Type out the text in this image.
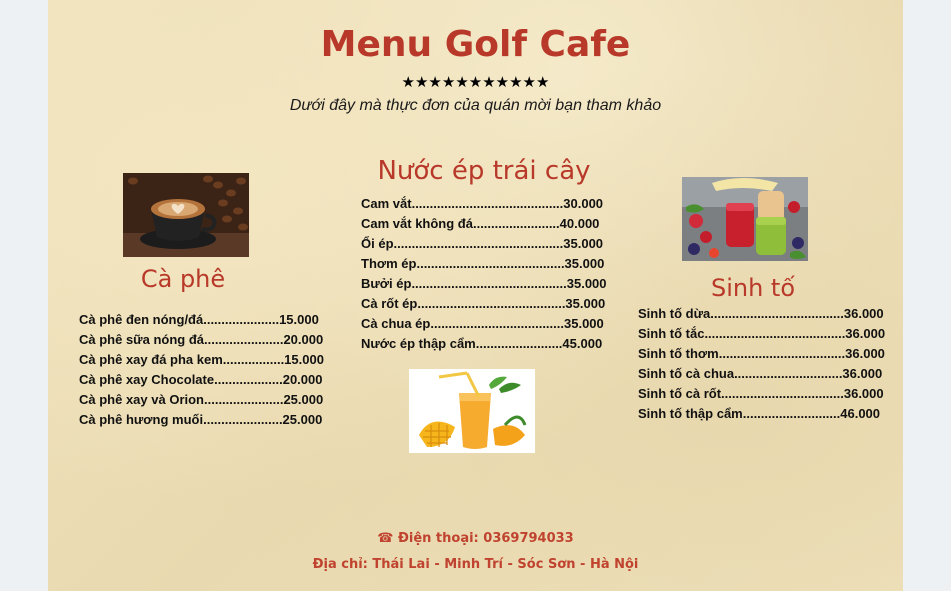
Menu Golf Cafe
★★★★★★★★★★★
Dưới đây mà thực đơn của quán mời bạn tham khảo
Cà phê
Cà phê đen nóng/đá.....................15.000
Cà phê sữa nóng đá......................20.000
Cà phê xay đá pha kem.................15.000
Cà phê xay Chocolate...................20.000
Cà phê xay và Orion......................25.000
Cà phê hương muối......................25.000
Nước ép trái cây
Cam vắt..........................................30.000
Cam vắt không đá........................40.000
Ổi ép...............................................35.000
Thơm ép.........................................35.000
Bưởi ép...........................................35.000
Cà rốt ép.........................................35.000
Cà chua ép.....................................35.000
Nước ép thập cẩm........................45.000
Sinh tố
Sinh tố dừa.....................................36.000
Sinh tố tắc.......................................36.000
Sinh tố thơm...................................36.000
Sinh tố cà chua..............................36.000
Sinh tố cà rốt..................................36.000
Sinh tố thập cẩm...........................46.000
☎ Điện thoại: 0369794033
Địa chỉ: Thái Lai - Minh Trí - Sóc Sơn - Hà Nội
